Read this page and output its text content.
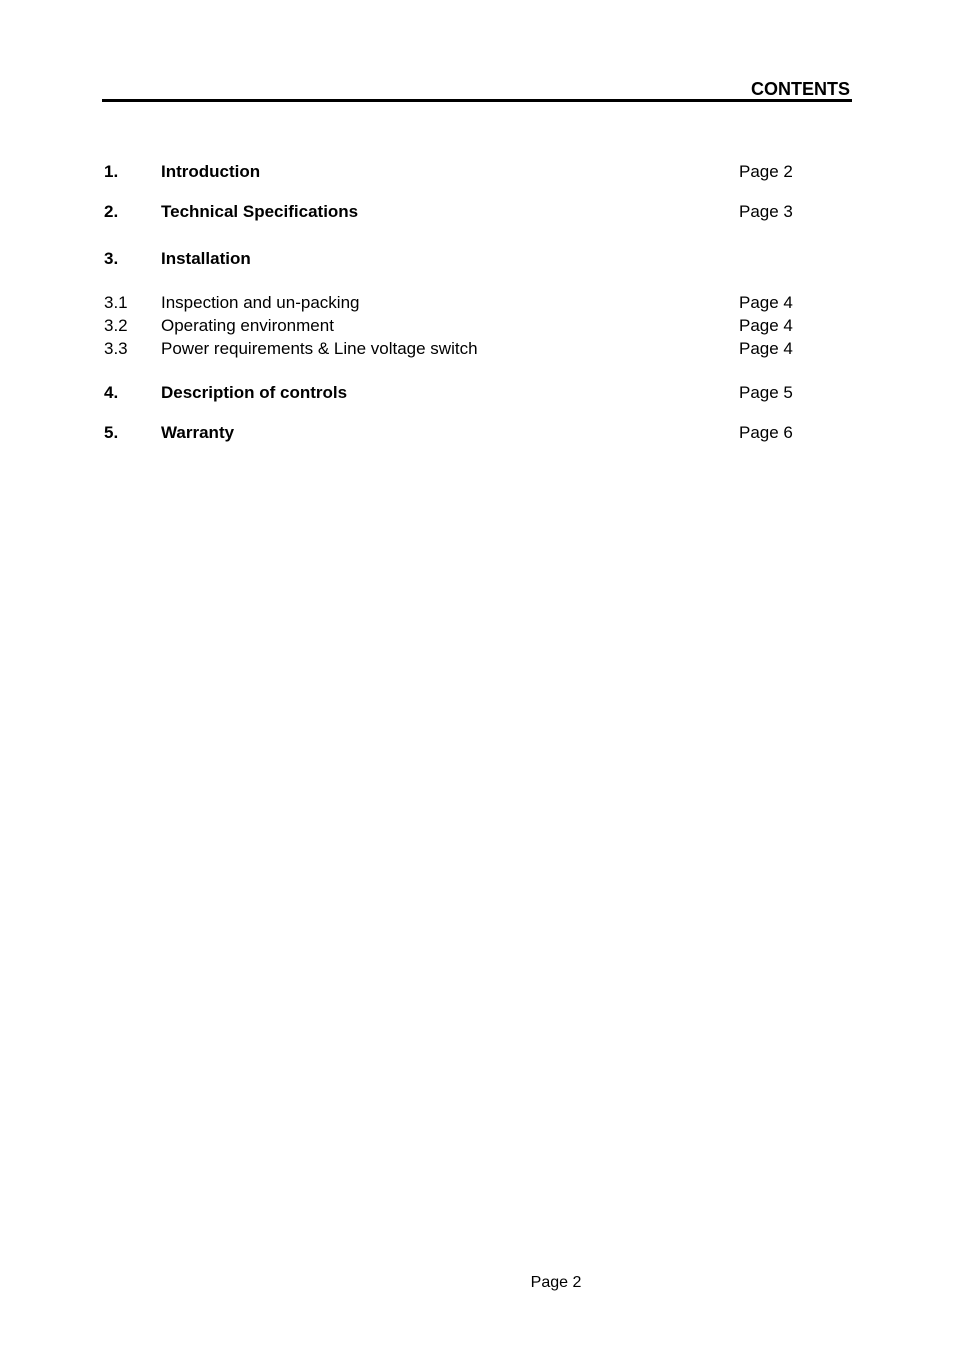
CONTENTS
1.	Introduction	Page 2
2.	Technical Specifications	Page 3
3.	Installation
3.1 Inspection and un-packing	Page 4
3.2 Operating environment	Page 4
3.3 Power requirements & Line voltage switch	Page 4
4.	Description of controls	Page 5
5.	Warranty	Page 6
Page 2
